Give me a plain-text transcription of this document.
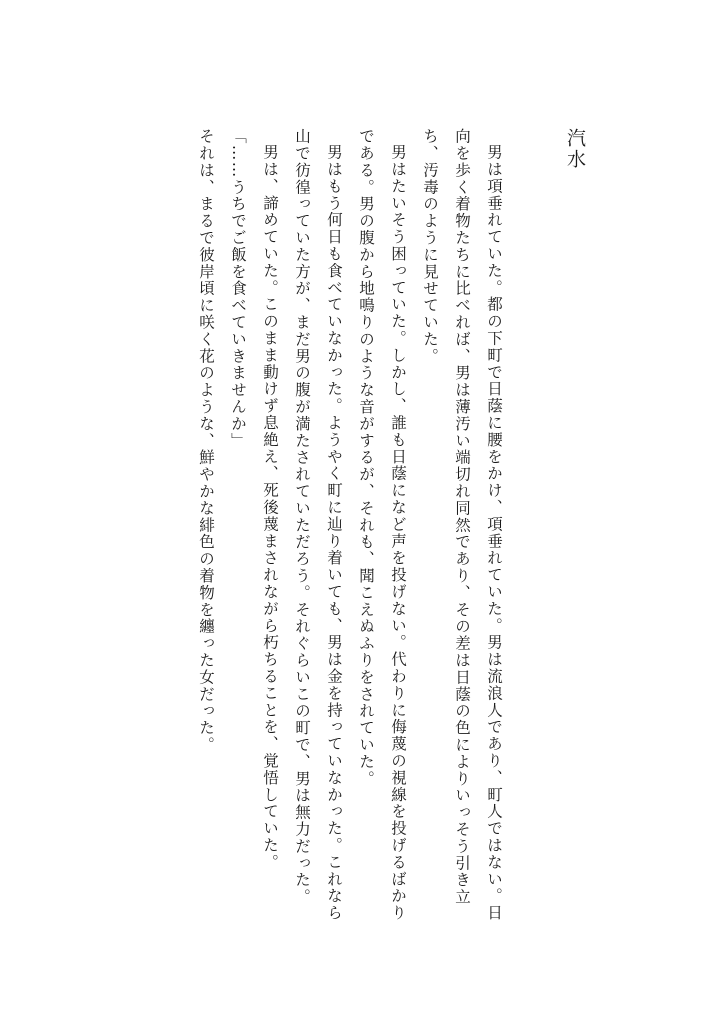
汽水

男は項垂れていた。都の下町で日蔭に腰をかけ、項垂れていた。男は流浪人であり、町人ではない。日向を歩く着物たちに比べれば、男は薄汚い端切れ同然であり、その差は日蔭の色によりいっそう引き立ち、汚毒のように見せていた。

男はたいそう困っていた。しかし、誰も日蔭になど声を投げない。代わりに侮蔑の視線を投げるばかりである。男の腹から地鳴りのような音がするが、それも、聞こえぬふりをされていた。

男はもう何日も食べていなかった。ようやく町に辿り着いても、男は金を持っていなかった。これなら山で彷徨っていた方が、まだ男の腹が満たされていただろう。それぐらいこの町で、男は無力だった。

男は、諦めていた。このまま動けず息絶え、死後蔑まされながら朽ちることを、覚悟していた。

「……うちでご飯を食べていきませんか」

それは、まるで彼岸頃に咲く花のような、鮮やかな緋色の着物を纏った女だった。
